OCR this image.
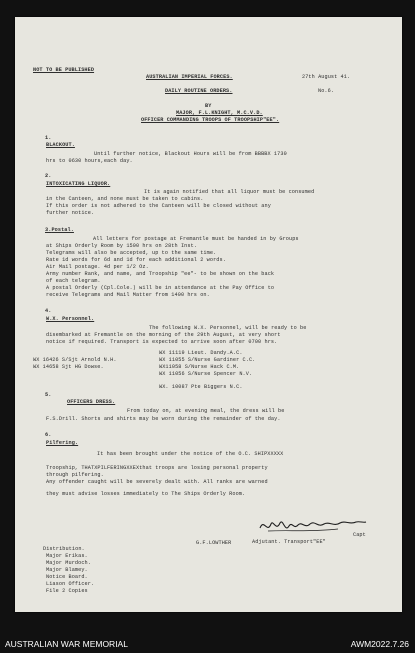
NOT TO BE PUBLISHED
AUSTRALIAN IMPERIAL FORCES.	27th August 41.
DAILY ROUTINE ORDERS.	No.6.
BY
MAJOR, F.L.KNIGHT, M.C.V.D.
OFFICER COMMANDING TROOPS OF TROOPSHIP"EE".
1.
BLACKOUT.
Until further notice, Blackout Hours will be from BBBBX 1730
hrs to 0630 hours,each day.
2.
INTOXICATING LIQUOR.
It is again notified that all liquor must be consumed
in the Canteen, and none must be taken to cabins.
If this order is not adhered to the Canteen will be closed without any
further notice.
3.Postal.
All letters for postage at Fremantle must be handed in by Groups
at Ships Orderly Room by 1500 hrs on 28th Inst.
Telegrams will also be accepted, up to the same time.
Rate 1d words for 6d and 1d for each additional 2 words.
Air Mail postage. 4d per 1/2 Oz.
Army number Rank, and name, and Troopship "ee"- to be shown on the back
of each telegram.
A postal Orderly (Cpl.Cole.) will be in attendance at the Pay Office to
receive Telegrams and Mail Matter from 1400 hrs on.
4.
W.X. Personnel.
The following W.X. Personnel, will be ready to be
disembarked at Fremantle on the morning of the 29th August, at very short
notice if required. Transport is expected to arrive soon after 0700 hrs.
WX 16426 S/Sjt Arnold N.H.
WX 14658 Sjt HG Dowse.
WX 11119 Lieut. Dandy.A.C.
WX 11055 S/Nurse Gardiner C.C.
WX11058 S/Nurse Hack C.M.
WX 11056 S/Nurse Spencer N.V.
WX. 10087 Pte Biggers N.C.
5.
OFFICERS DRESS.
From today on, at evening meal, the dress will be
F.S.Drill. Shorts and shirts may be worn during the remainder of the day.
6.
Pilfering.
It has been brought under the notice of the O.C. SHIPXXXXX
Troopship, THATXPILFERINGXXEXthat troops are losing personal property
through pilfering.
Any offender caught will be severely dealt with. All ranks are warned
they must advise losses immediately to The Ships Orderly Room.
Capt
Adjutant. Transport"EE"
G.F.LOWTHER
Distribution.
Major Erikas.
Major Murdoch.
Major Blamey.
Notice Board.
Liason Officer.
File 2 Copies
AUSTRALIAN WAR MEMORIAL	AWM2022.7.26
